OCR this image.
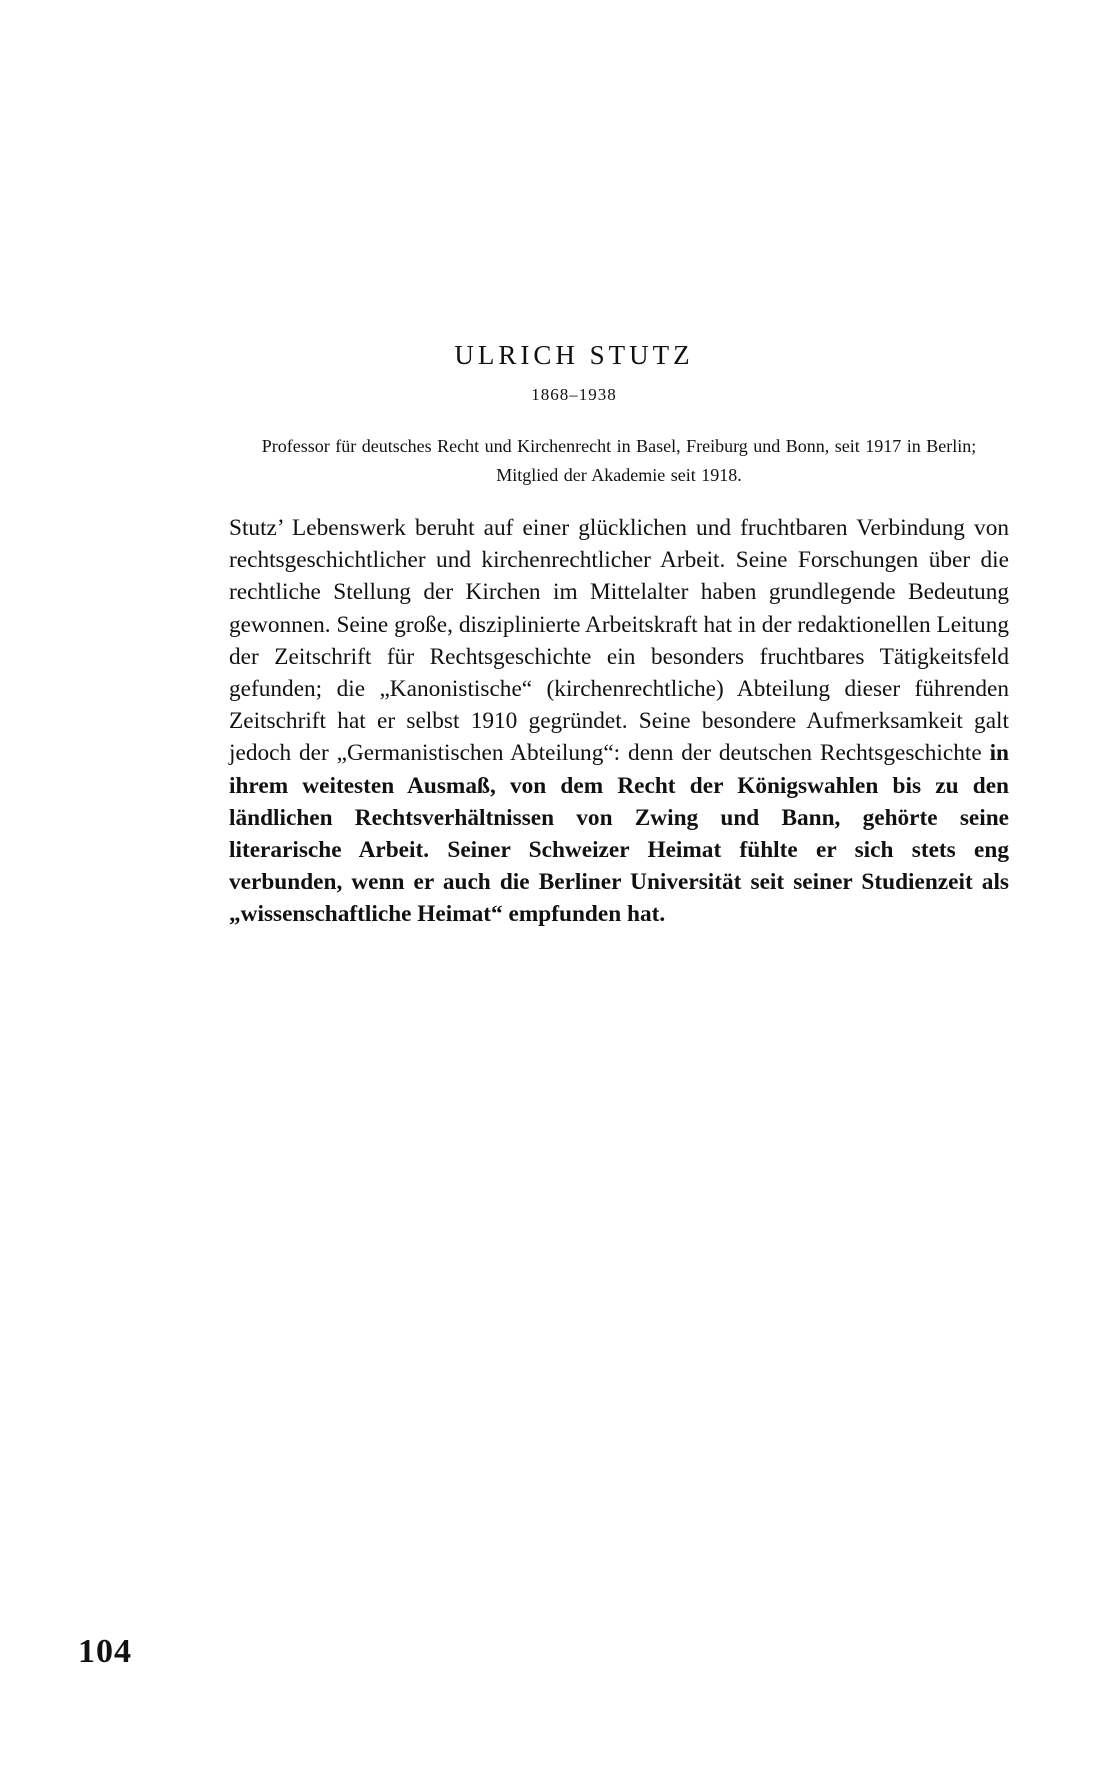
ULRICH STUTZ
1868–1938
Professor für deutsches Recht und Kirchenrecht in Basel, Freiburg und Bonn, seit 1917 in Berlin; Mitglied der Akademie seit 1918.
Stutz’ Lebenswerk beruht auf einer glücklichen und fruchtbaren Verbindung von rechtsgeschichtlicher und kirchenrechtlicher Arbeit. Seine Forschungen über die rechtliche Stellung der Kirchen im Mittelalter haben grundlegende Bedeutung gewonnen. Seine große, disziplinierte Arbeitskraft hat in der redaktionellen Leitung der Zeitschrift für Rechtsgeschichte ein besonders fruchtbares Tätigkeitsfeld gefunden; die „Kanonistische“ (kirchenrechtliche) Abteilung dieser führenden Zeitschrift hat er selbst 1910 gegründet. Seine besondere Aufmerksamkeit galt jedoch der „Germanistischen Abteilung“: denn der deutschen Rechtsgeschichte in ihrem weitesten Ausmaß, von dem Recht der Königswahlen bis zu den ländlichen Rechtsverhältnissen von Zwing und Bann, gehörte seine literarische Arbeit. Seiner Schweizer Heimat fühlte er sich stets eng verbunden, wenn er auch die Berliner Universität seit seiner Studienzeit als „wissenschaftliche Heimat“ empfunden hat.
104
